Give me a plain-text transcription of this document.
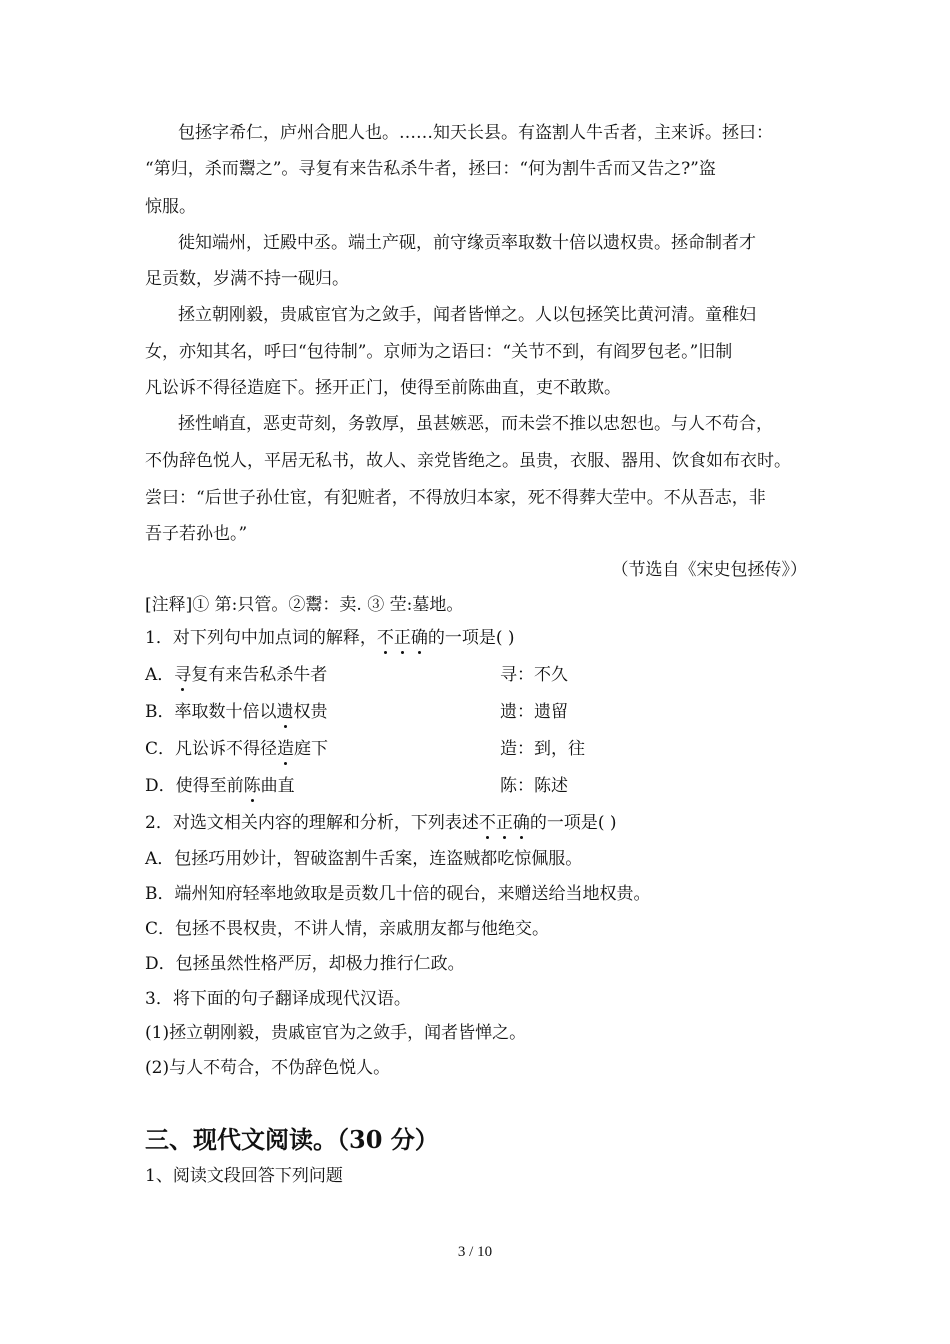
包拯字希仁，庐州合肥人也。……知天长县。有盗割人牛舌者，主来诉。拯曰：
“第归，杀而鬻之”。寻复有来告私杀牛者，拯曰：“何为割牛舌而又告之?”盗
惊服。
徙知端州，迁殿中丞。端土产砚，前守缘贡率取数十倍以遗权贵。拯命制者才
足贡数，岁满不持一砚归。
拯立朝刚毅，贵戚宦官为之敛手，闻者皆惮之。人以包拯笑比黄河清。童稚妇
女，亦知其名，呼曰“包待制”。京师为之语曰：“关节不到，有阎罗包老。”旧制
凡讼诉不得径造庭下。拯开正门，使得至前陈曲直，吏不敢欺。
拯性峭直，恶吏苛刻，务敦厚，虽甚嫉恶，而未尝不推以忠恕也。与人不苟合，
不伪辞色悦人，平居无私书，故人、亲党皆绝之。虽贵，衣服、器用、饮食如布衣时。
尝曰：“后世子孙仕宦，有犯赃者，不得放归本家，死不得葬大茔中。不从吾志，非
吾子若孙也。”
（节选自《宋史包拯传》）
[注释]① 第:只管。②鬻：卖. ③ 茔:墓地。
1．对下列句中加点词的解释，不正确的一项是( )
A．寻复有来告私杀牛者	寻：不久
B．率取数十倍以遗权贵	遗：遗留
C．凡讼诉不得径造庭下	造：到，往
D．使得至前陈曲直	陈：陈述
2．对选文相关内容的理解和分析，下列表述不正确的一项是( )
A．包拯巧用妙计，智破盗割牛舌案，连盗贼都吃惊佩服。
B．端州知府轻率地敛取是贡数几十倍的砚台，来赠送给当地权贵。
C．包拯不畏权贵，不讲人情，亲戚朋友都与他绝交。
D．包拯虽然性格严厉，却极力推行仁政。
3．将下面的句子翻译成现代汉语。
(1)拯立朝刚毅，贵戚宦官为之敛手，闻者皆惮之。
(2)与人不苟合，不伪辞色悦人。
三、现代文阅读。（30 分）
1、阅读文段回答下列问题
3 / 10
